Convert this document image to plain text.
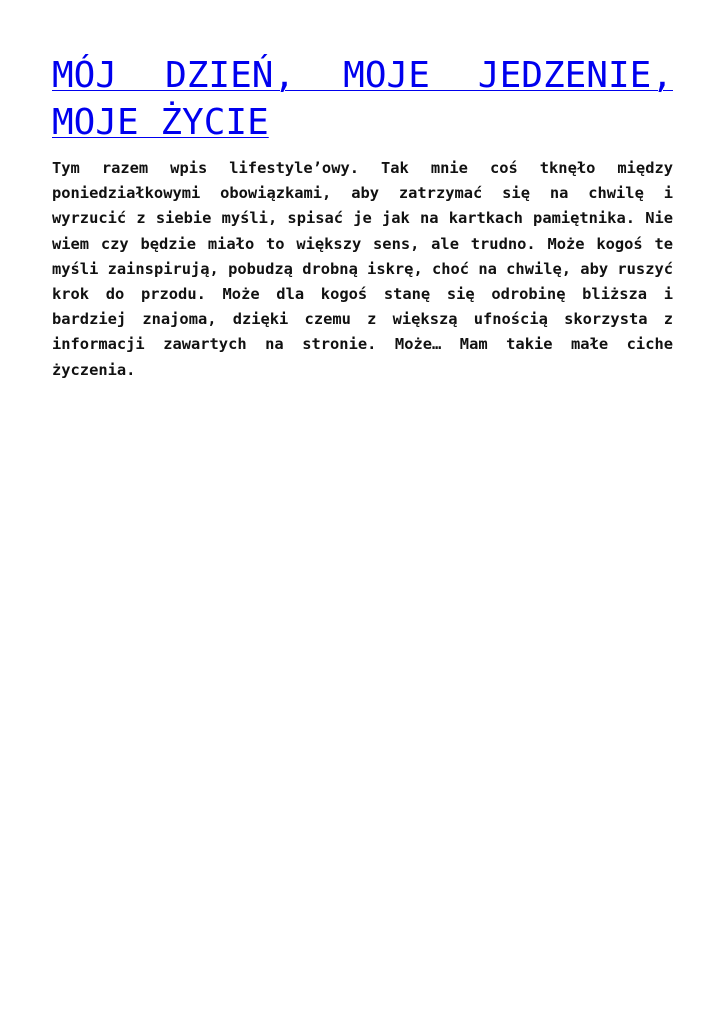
MÓJ DZIEŃ, MOJE JEDZENIE, MOJE ŻYCIE

Tym razem wpis lifestyle’owy. Tak mnie coś tknęło między poniedziałkowymi obowiązkami, aby zatrzymać się na chwilę i wyrzucić z siebie myśli, spisać je jak na kartkach pamiętnika. Nie wiem czy będzie miało to większy sens, ale trudno. Może kogoś te myśli zainspirują, pobudzą drobną iskrę, choć na chwilę, aby ruszyć krok do przodu. Może dla kogoś stanę się odrobinę bliższa i bardziej znajoma, dzięki czemu z większą ufnością skorzysta z informacji zawartych na stronie. Może… Mam takie małe ciche życzenia.
